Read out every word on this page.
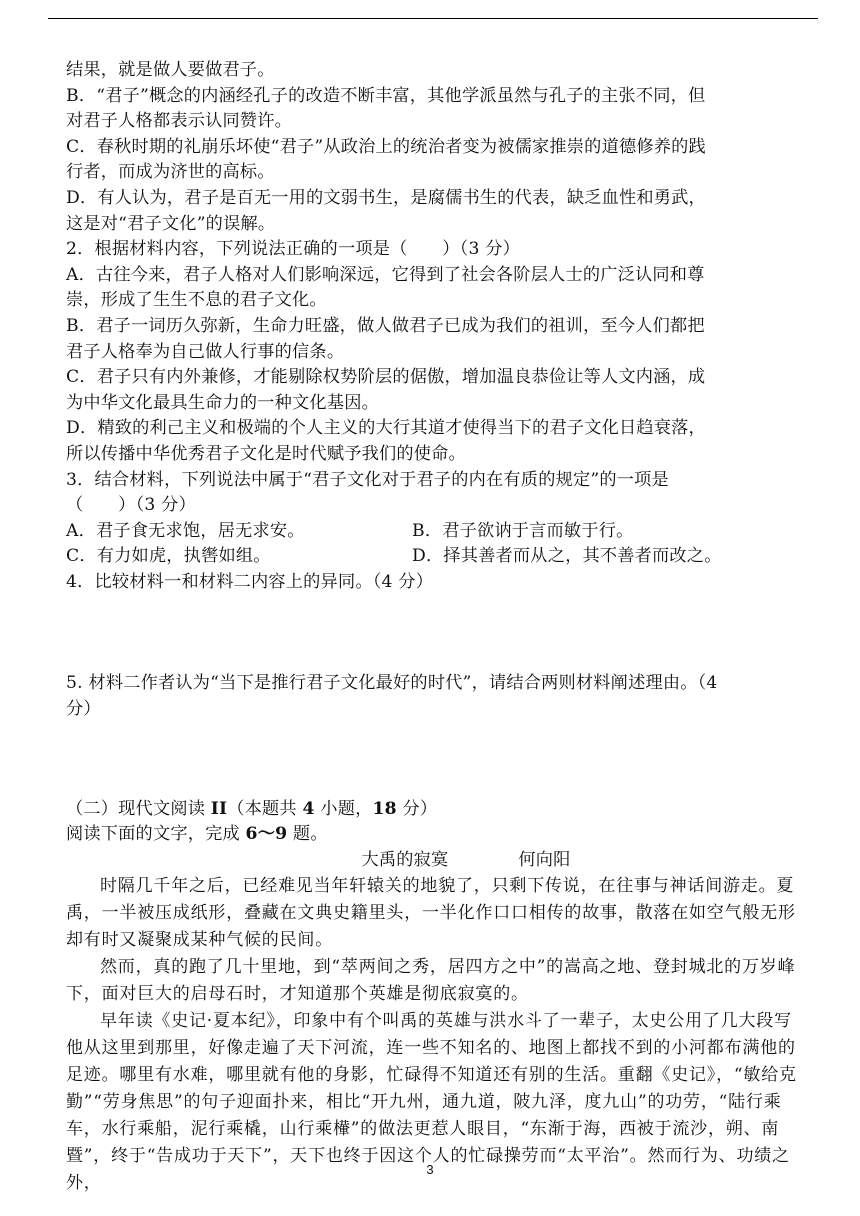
结果，就是做人要做君子。

B．“君子”概念的内涵经孔子的改造不断丰富，其他学派虽然与孔子的主张不同，但

对君子人格都表示认同赞许。

C．春秋时期的礼崩乐坏使“君子”从政治上的统治者变为被儒家推崇的道德修养的践

行者，而成为济世的高标。

D．有人认为，君子是百无一用的文弱书生，是腐儒书生的代表，缺乏血性和勇武，

这是对“君子文化”的误解。

2．根据材料内容，下列说法正确的一项是（　　）（3 分）

A．古往今来，君子人格对人们影响深远，它得到了社会各阶层人士的广泛认同和尊

崇，形成了生生不息的君子文化。

B．君子一词历久弥新，生命力旺盛，做人做君子已成为我们的祖训，至今人们都把

君子人格奉为自己做人行事的信条。

C．君子只有内外兼修，才能剔除权势阶层的倨傲，增加温良恭俭让等人文内涵，成

为中华文化最具生命力的一种文化基因。

D．精致的利己主义和极端的个人主义的大行其道才使得当下的君子文化日趋衰落，

所以传播中华优秀君子文化是时代赋予我们的使命。

3．结合材料，下列说法中属于“君子文化对于君子的内在有质的规定”的一项是

（　　）（3 分）

A．君子食无求饱，居无求安。	B．君子欲讷于言而敏于行。
C．有力如虎，执辔如组。	D．择其善者而从之，其不善者而改之。

4．比较材料一和材料二内容上的异同。（4 分）

5. 材料二作者认为“当下是推行君子文化最好的时代”，请结合两则材料阐述理由。（4

分）

（二）现代文阅读 II（本题共 4 小题，18 分）

阅读下面的文字，完成 6～9 题。

大禹的寂寞	何向阳

时隔几千年之后，已经难见当年轩辕关的地貌了，只剩下传说，在往事与神话间游走。夏禹，一半被压成纸形，叠藏在文典史籍里头，一半化作口口相传的故事，散落在如空气般无形却有时又凝聚成某种气候的民间。

然而，真的跑了几十里地，到“萃两间之秀，居四方之中”的嵩高之地、登封城北的万岁峰下，面对巨大的启母石时，才知道那个英雄是彻底寂寞的。

早年读《史记·夏本纪》，印象中有个叫禹的英雄与洪水斗了一辈子，太史公用了几大段写他从这里到那里，好像走遍了天下河流，连一些不知名的、地图上都找不到的小河都布满他的足迹。哪里有水难，哪里就有他的身影，忙碌得不知道还有别的生活。重翻《史记》，“敏给克勤”“劳身焦思”的句子迎面扑来，相比“开九州，通九道，陂九泽，度九山”的功劳，“陆行乘车，水行乘船，泥行乘橇，山行乘檋”的做法更惹人眼目，“东渐于海，西被于流沙，朔、南暨”，终于“告成功于天下”，天下也终于因这个人的忙碌操劳而“太平治”。然而行为、功绩之外，

3
